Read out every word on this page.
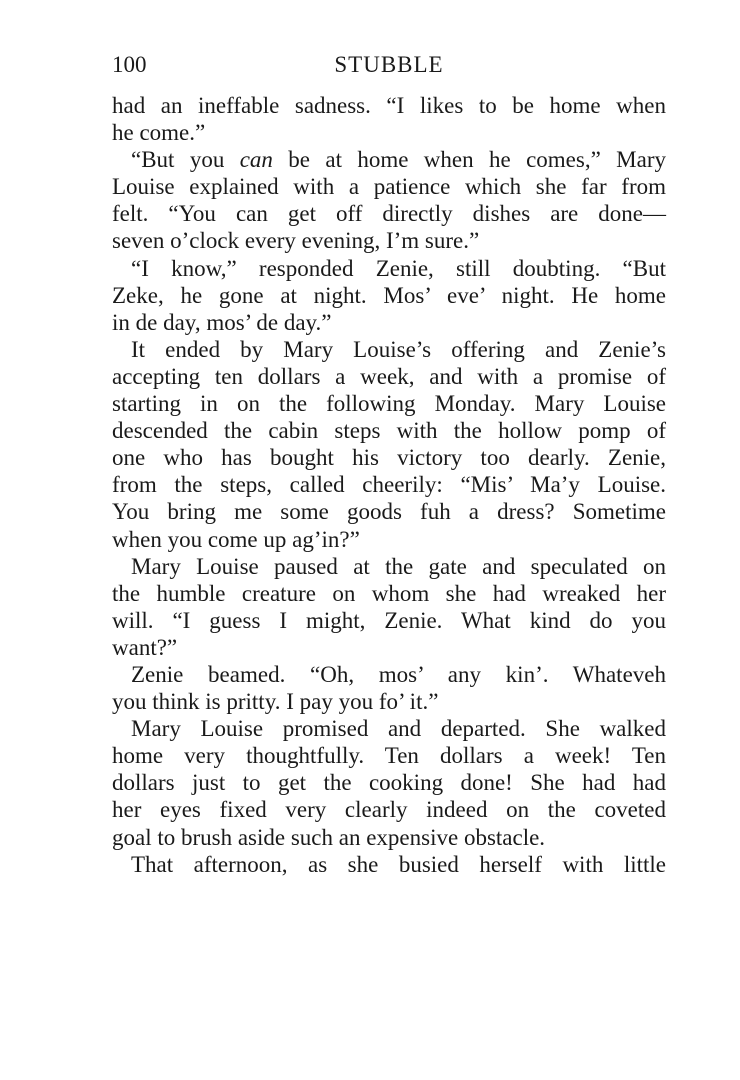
100	STUBBLE
had an ineffable sadness. “I likes to be home when
he come.”
“But you can be at home when he comes,” Mary
Louise explained with a patience which she far from
felt. “You can get off directly dishes are done—
seven o’clock every evening, I’m sure.”
“I know,” responded Zenie, still doubting. “But
Zeke, he gone at night. Mos’ eve’ night. He home
in de day, mos’ de day.”
It ended by Mary Louise’s offering and Zenie’s
accepting ten dollars a week, and with a promise of
starting in on the following Monday. Mary Louise
descended the cabin steps with the hollow pomp of
one who has bought his victory too dearly. Zenie,
from the steps, called cheerily: “Mis’ Ma’y Louise.
You bring me some goods fuh a dress? Sometime
when you come up ag’in?”
Mary Louise paused at the gate and speculated on
the humble creature on whom she had wreaked her
will. “I guess I might, Zenie. What kind do you
want?”
Zenie beamed. “Oh, mos’ any kin’. Whateveh
you think is pritty. I pay you fo’ it.”
Mary Louise promised and departed. She walked
home very thoughtfully. Ten dollars a week! Ten
dollars just to get the cooking done! She had had
her eyes fixed very clearly indeed on the coveted
goal to brush aside such an expensive obstacle.
That afternoon, as she busied herself with little
